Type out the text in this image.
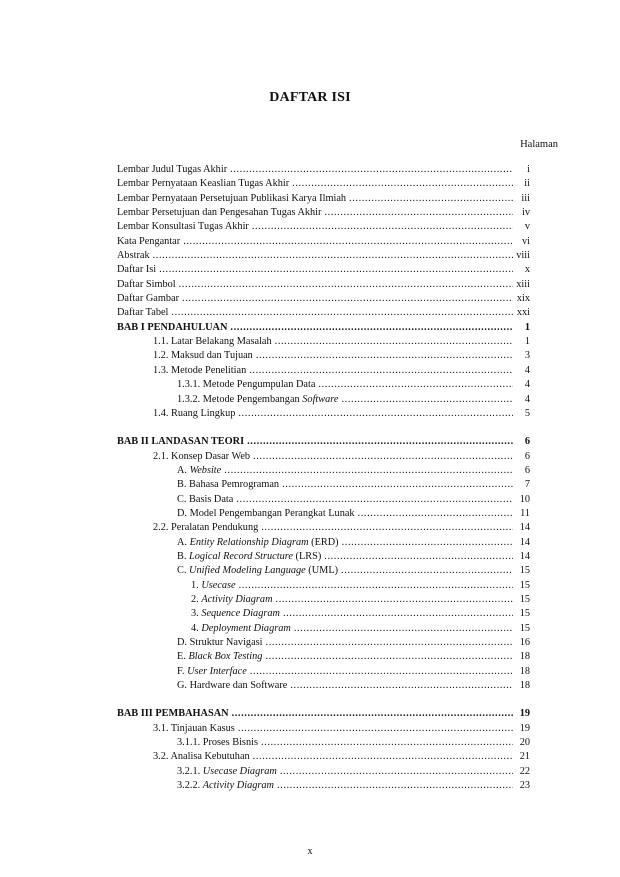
DAFTAR ISI
Halaman
Lembar Judul Tugas Akhir .....	i
Lembar Pernyataan Keaslian Tugas Akhir .....	ii
Lembar Pernyataan Persetujuan Publikasi Karya Ilmiah .....	iii
Lembar Persetujuan dan Pengesahan Tugas Akhir .....	iv
Lembar Konsultasi Tugas Akhir .....	v
Kata Pengantar .....	vi
Abstrak .....	viii
Daftar Isi .....	x
Daftar Simbol .....	xiii
Daftar Gambar .....	xix
Daftar Tabel .....	xxi
BAB I PENDAHULUAN .....	1
1.1. Latar Belakang Masalah .....	1
1.2. Maksud dan Tujuan .....	3
1.3. Metode Penelitian .....	4
1.3.1. Metode Pengumpulan Data .....	4
1.3.2. Metode Pengembangan Software .....	4
1.4. Ruang Lingkup .....	5
BAB II LANDASAN TEORI .....	6
2.1. Konsep Dasar Web .....	6
A. Website .....	6
B. Bahasa Pemrograman .....	7
C. Basis Data .....	10
D. Model Pengembangan Perangkat Lunak .....	11
2.2. Peralatan Pendukung .....	14
A. Entity Relationship Diagram (ERD) .....	14
B. Logical Record Structure (LRS) .....	14
C. Unified Modeling Language (UML) .....	15
1. Usecase .....	15
2. Activity Diagram .....	15
3. Sequence Diagram .....	15
4. Deployment Diagram .....	15
D. Struktur Navigasi .....	16
E. Black Box Testing .....	18
F. User Interface .....	18
G. Hardware dan Software .....	18
BAB III PEMBAHASAN .....	19
3.1. Tinjauan Kasus .....	19
3.1.1. Proses Bisnis .....	20
3.2. Analisa Kebutuhan .....	21
3.2.1. Usecase Diagram .....	22
3.2.2. Activity Diagram .....	23
x
